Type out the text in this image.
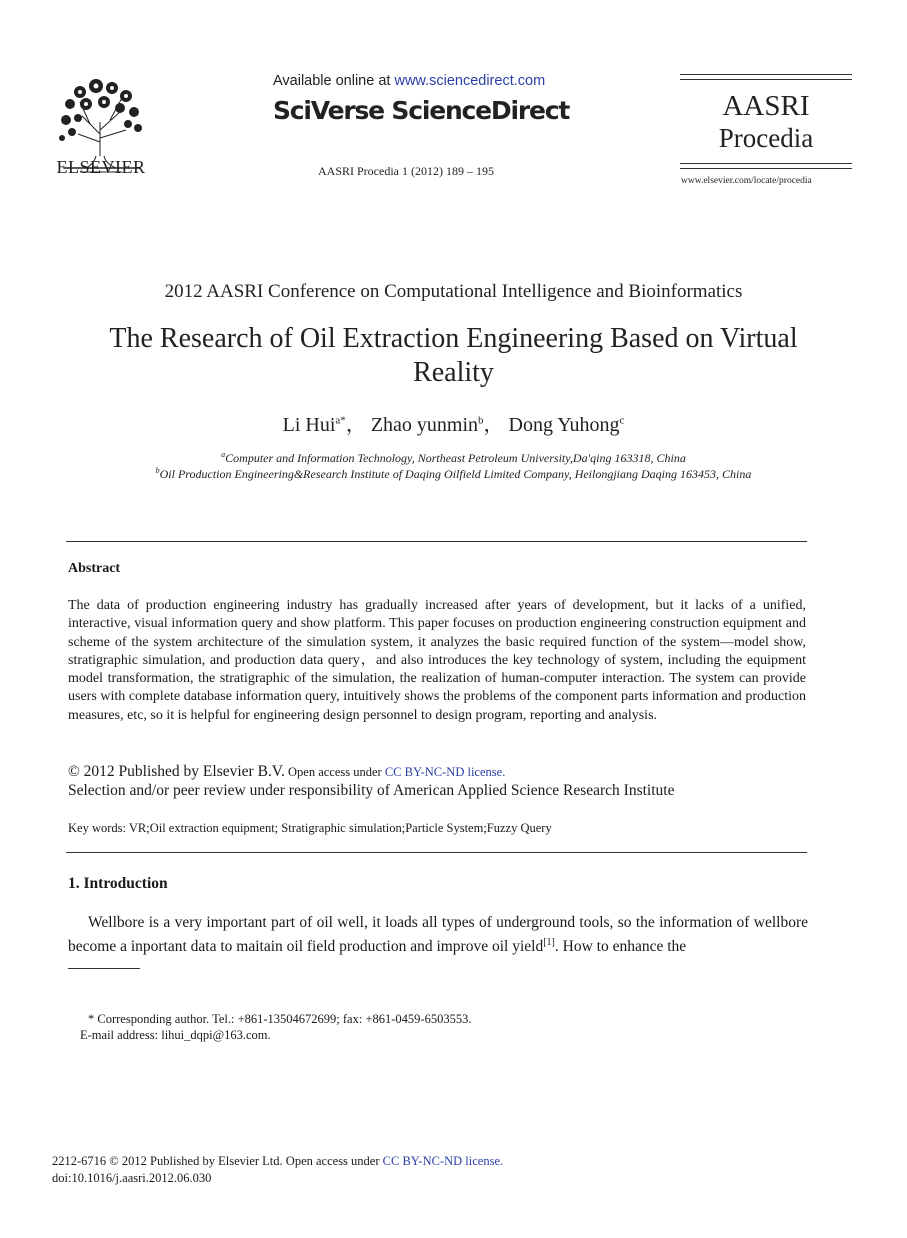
ELSEVIER
Available online at www.sciencedirect.com
SciVerse ScienceDirect
AASRI Procedia 1 (2012) 189 – 195
AASRI
Procedia
www.elsevier.com/locate/procedia
2012 AASRI Conference on Computational Intelligence and Bioinformatics
The Research of Oil Extraction Engineering Based on Virtual
Reality
Li Hui$^{a*}$， Zhao yunmin$^b$， Dong Yuhong$^c$
$^a$Computer and Information Technology, Northeast Petroleum University,Da'qing 163318, China
$^b$Oil Production Engineering&Research Institute of Daqing Oilfield Limited Company, Heilongjiang Daqing 163453, China
Abstract
The data of production engineering industry has gradually increased after years of development, but it lacks of a unified, interactive, visual information query and show platform. This paper focuses on production engineering construction equipment and scheme of the system architecture of the simulation system, it analyzes the basic required function of the system—model show, stratigraphic simulation, and production data query，and also introduces the key technology of system, including the equipment model transformation, the stratigraphic of the simulation, the realization of human-computer interaction. The system can provide users with complete database information query, intuitively shows the problems of the component parts information and production measures, etc, so it is helpful for engineering design personnel to design program, reporting and analysis.
© 2012 Published by Elsevier B.V. Open access under CC BY-NC-ND license.
Selection and/or peer review under responsibility of American Applied Science Research Institute
Key words: VR;Oil extraction equipment; Stratigraphic simulation;Particle System;Fuzzy Query
1. Introduction
Wellbore is a very important part of oil well, it loads all types of underground tools, so the information of wellbore become a inportant data to maitain oil field production and improve oil yield[1]. How to enhance the
* Corresponding author. Tel.: +861-13504672699; fax: +861-0459-6503553.
E-mail address: lihui_dqpi@163.com.
2212-6716 © 2012 Published by Elsevier Ltd. Open access under CC BY-NC-ND license.
doi:10.1016/j.aasri.2012.06.030
